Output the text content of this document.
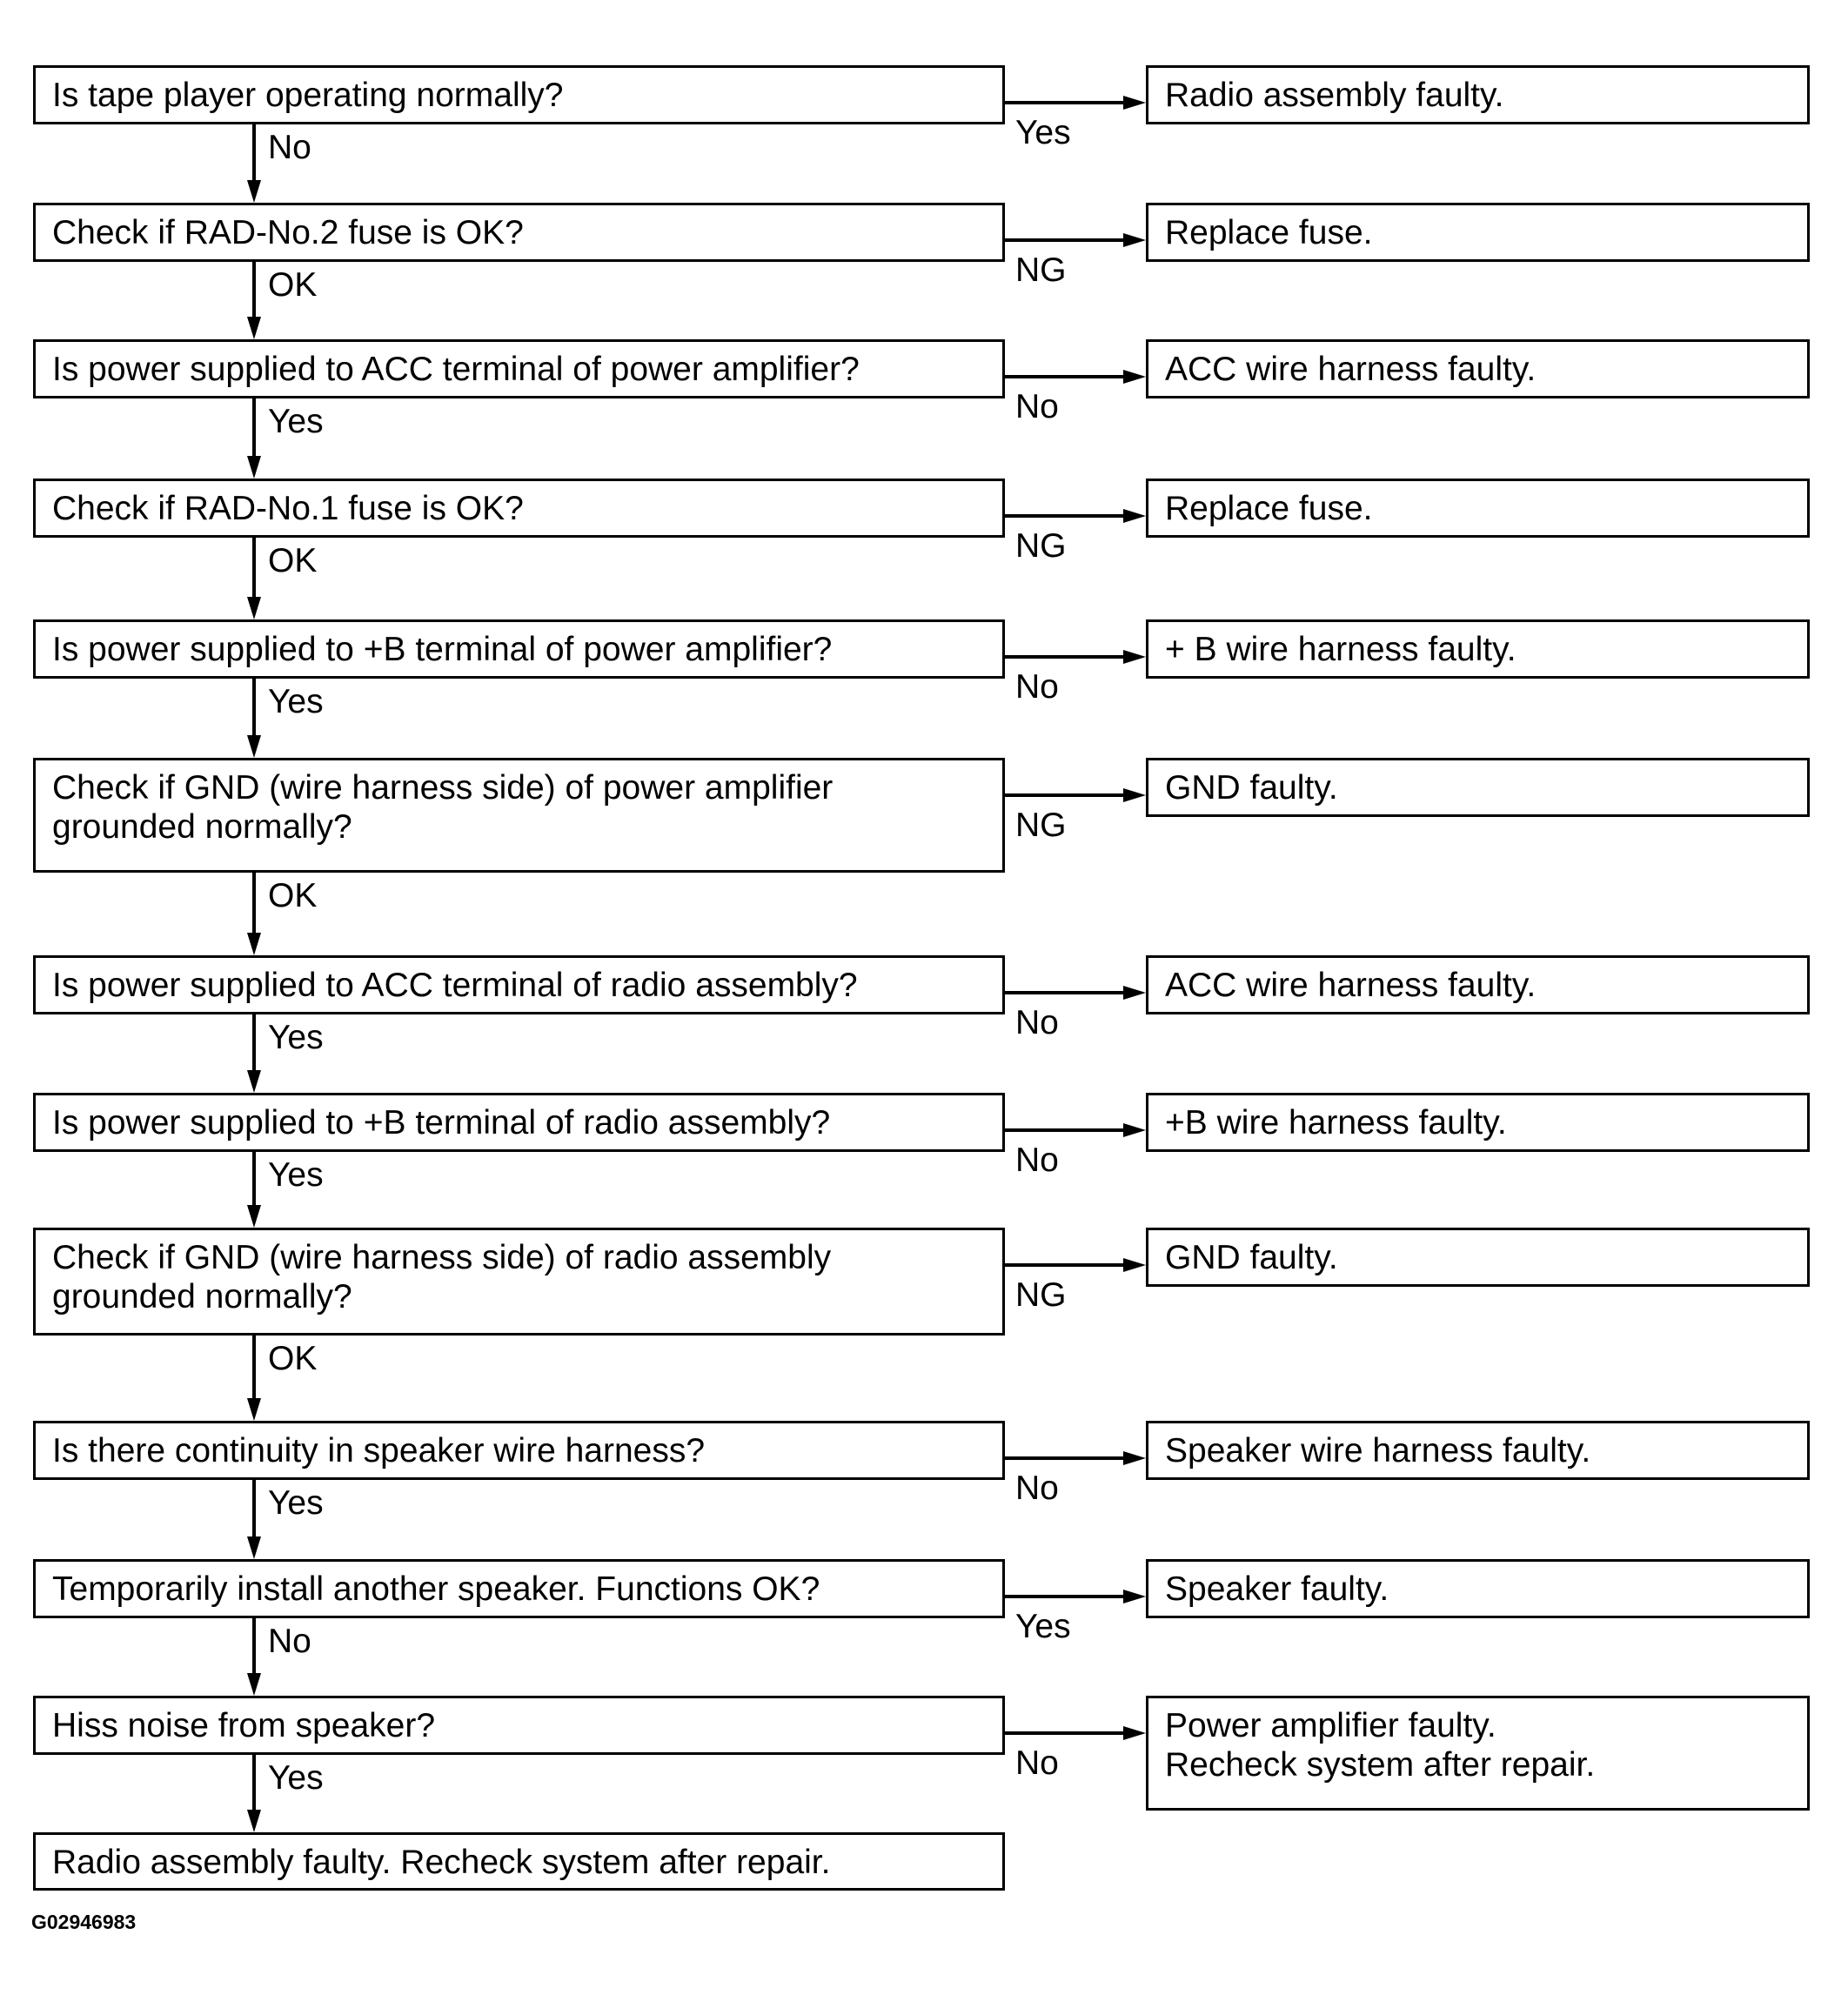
Is tape player operating normally?	Radio assembly faulty.
Yes
No
Check if RAD-No.2 fuse is OK?	Replace fuse.
NG
OK
Is power supplied to ACC terminal of power amplifier?	ACC wire harness faulty.
No
Yes
Check if RAD-No.1 fuse is OK?	Replace fuse.
NG
OK
Is power supplied to +B terminal of power amplifier?	+ B wire harness faulty.
No
Yes
Check if GND (wire harness side) of power amplifier
grounded normally?
GND faulty.
NG
OK
Is power supplied to ACC terminal of radio assembly?	ACC wire harness faulty.
No
Yes
Is power supplied to +B terminal of radio assembly?	+B wire harness faulty.
No
Yes
Check if GND (wire harness side) of radio assembly
grounded normally?
GND faulty.
NG
OK
Is there continuity in speaker wire harness?	Speaker wire harness faulty.
No
Yes
Temporarily install another speaker. Functions OK?	Speaker faulty.
Yes
No
Hiss noise from speaker?	Power amplifier faulty.
Recheck system after repair.
No
Yes
Radio assembly faulty. Recheck system after repair.
G02946983
